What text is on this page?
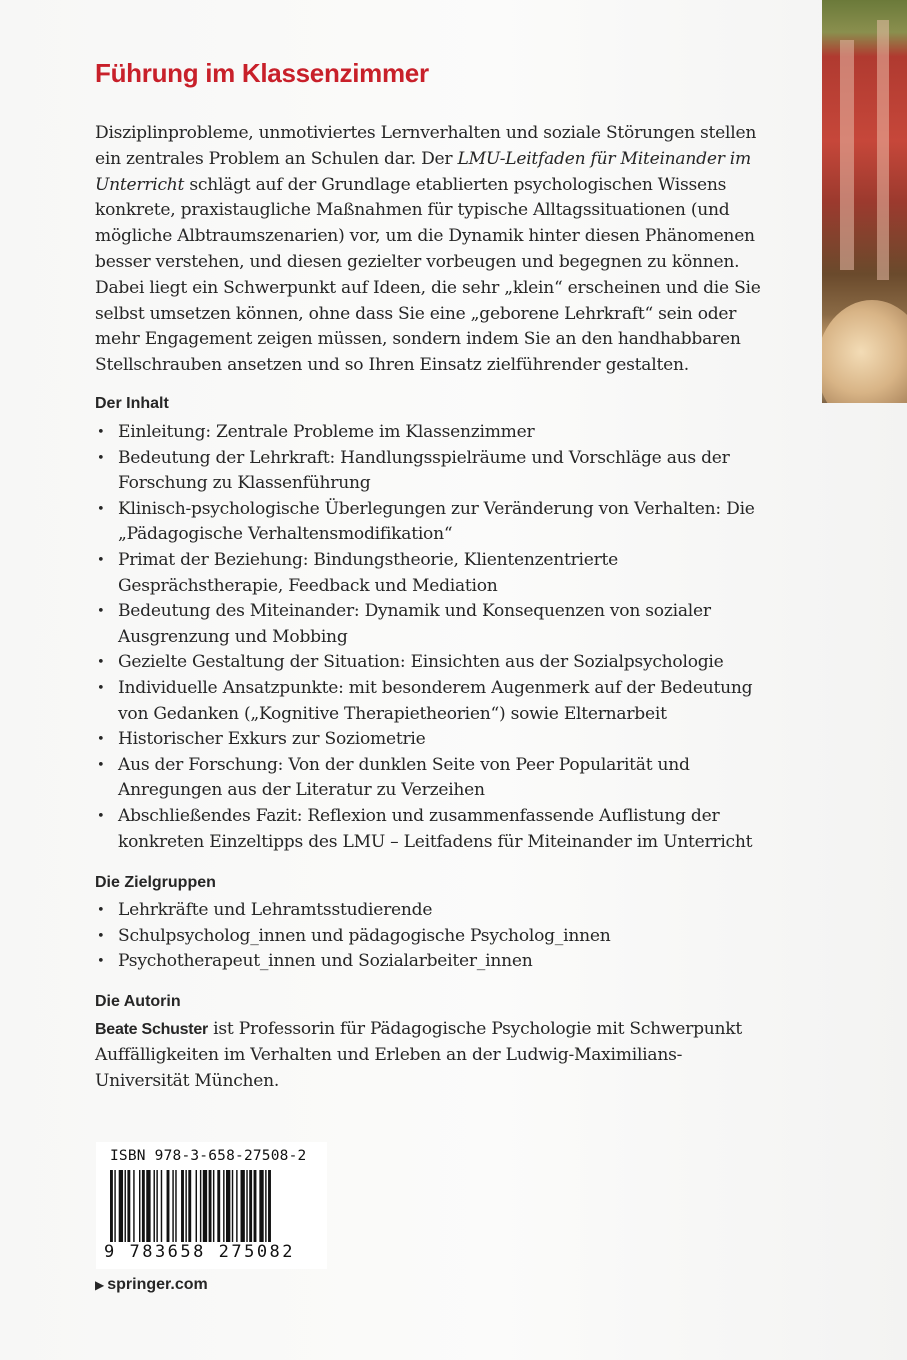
Führung im Klassenzimmer

Disziplinprobleme, unmotiviertes Lernverhalten und soziale Störungen stellen ein zentrales Problem an Schulen dar. Der LMU-Leitfaden für Miteinander im Unterricht schlägt auf der Grundlage etablierten psychologischen Wissens konkrete, praxistaugliche Maßnahmen für typische Alltagssituationen (und mögliche Albtraumszenarien) vor, um die Dynamik hinter diesen Phänomenen besser verstehen, und diesen gezielter vorbeugen und begegnen zu können. Dabei liegt ein Schwerpunkt auf Ideen, die sehr „klein“ erscheinen und die Sie selbst umsetzen können, ohne dass Sie eine „geborene Lehrkraft“ sein oder mehr Engagement zeigen müssen, sondern indem Sie an den handhabbaren Stellschrauben ansetzen und so Ihren Einsatz zielführender gestalten.

Der Inhalt
• Einleitung: Zentrale Probleme im Klassenzimmer
• Bedeutung der Lehrkraft: Handlungsspielräume und Vorschläge aus der Forschung zu Klassenführung
• Klinisch-psychologische Überlegungen zur Veränderung von Verhalten: Die „Pädagogische Verhaltensmodifikation“
• Primat der Beziehung: Bindungstheorie, Klientenzentrierte Gesprächstherapie, Feedback und Mediation
• Bedeutung des Miteinander: Dynamik und Konsequenzen von sozialer Ausgrenzung und Mobbing
• Gezielte Gestaltung der Situation: Einsichten aus der Sozialpsychologie
• Individuelle Ansatzpunkte: mit besonderem Augenmerk auf der Bedeutung von Gedanken („Kognitive Therapietheorien“) sowie Elternarbeit
• Historischer Exkurs zur Soziometrie
• Aus der Forschung: Von der dunklen Seite von Peer Popularität und Anregungen aus der Literatur zu Verzeihen
• Abschließendes Fazit: Reflexion und zusammenfassende Auflistung der konkreten Einzeltipps des LMU – Leitfadens für Miteinander im Unterricht
Die Zielgruppen
• Lehrkräfte und Lehramtsstudierende
• Schulpsycholog_innen und pädagogische Psycholog_innen
• Psychotherapeut_innen und Sozialarbeiter_innen
Die Autorin

Beate Schuster ist Professorin für Pädagogische Psychologie mit Schwerpunkt Auffälligkeiten im Verhalten und Erleben an der Ludwig-Maximilians-Universität München.

ISBN 978-3-658-27508-2

9 783658 275082
▶ springer.com
